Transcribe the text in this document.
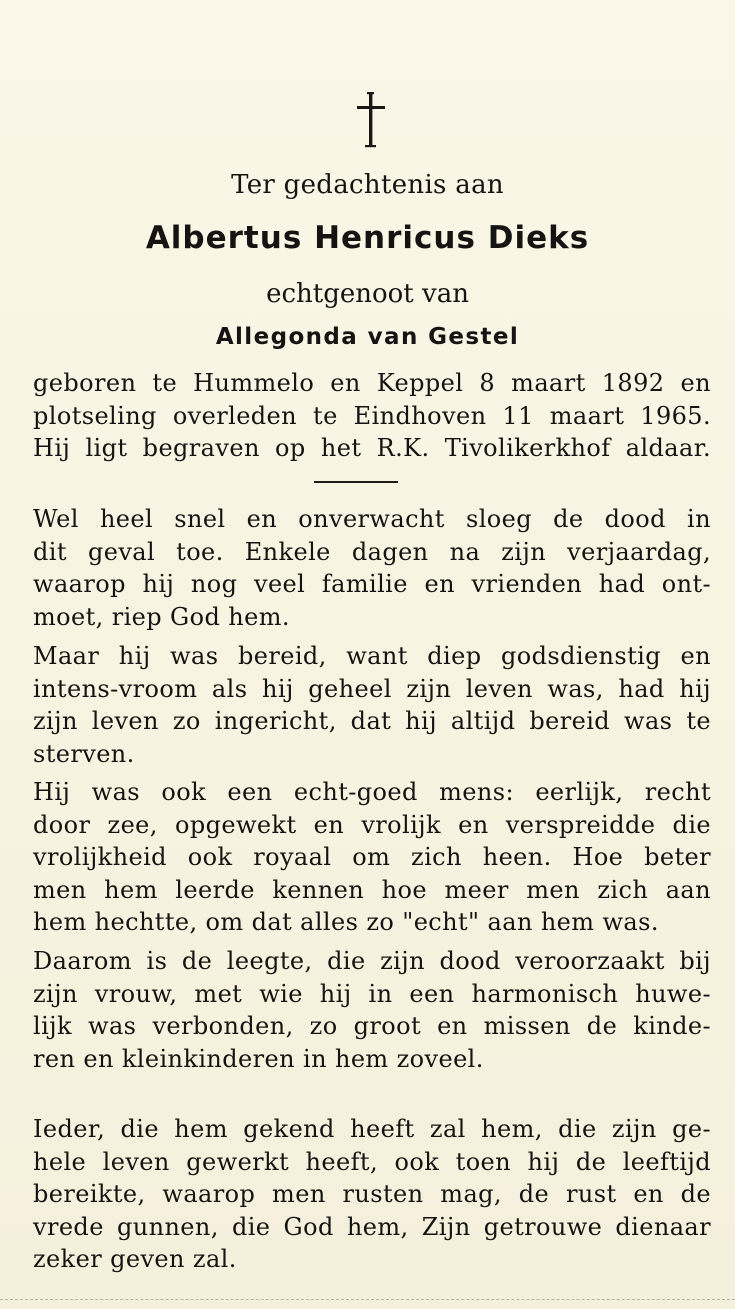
Ter gedachtenis aan
Albertus Henricus Dieks
echtgenoot van
Allegonda van Gestel
geboren te Hummelo en Keppel 8 maart 1892 en
plotseling overleden te Eindhoven 11 maart 1965.
Hij ligt begraven op het R.K. Tivolikerkhof aldaar.
Wel heel snel en onverwacht sloeg de dood in
dit geval toe. Enkele dagen na zijn verjaardag,
waarop hij nog veel familie en vrienden had ont-
moet, riep God hem.
Maar hij was bereid, want diep godsdienstig en
intens-vroom als hij geheel zijn leven was, had hij
zijn leven zo ingericht, dat hij altijd bereid was te
sterven.
Hij was ook een echt-goed mens: eerlijk, recht
door zee, opgewekt en vrolijk en verspreidde die
vrolijkheid ook royaal om zich heen. Hoe beter
men hem leerde kennen hoe meer men zich aan
hem hechtte, om dat alles zo "echt" aan hem was.
Daarom is de leegte, die zijn dood veroorzaakt bij
zijn vrouw, met wie hij in een harmonisch huwe-
lijk was verbonden, zo groot en missen de kinde-
ren en kleinkinderen in hem zoveel.
Ieder, die hem gekend heeft zal hem, die zijn ge-
hele leven gewerkt heeft, ook toen hij de leeftijd
bereikte, waarop men rusten mag, de rust en de
vrede gunnen, die God hem, Zijn getrouwe dienaar
zeker geven zal.
